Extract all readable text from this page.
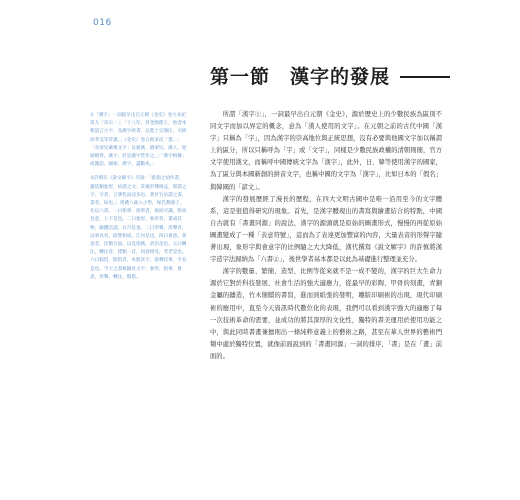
016
第一節　漢字的發展

①「漢字」一詞最早出自元朝《金史》卷九本紀第九「章宗一」：「十八年，封金源郡王，始習本朝語言小字，及漢字經書，以進士完顏匡、司經徐孝美等侍讀。」《金史》卷五則多次「遣…」「及蒙兒輩漢文字」及通漢、猶蒙兒、漢人、始通曉得，漢字、於是漢字皆作之。」「漢字相稱」或漢語、國蒙、漢字，盡數矣。」

②許慎在《說文解字》序說：「倉頡之初作書，蓋依類象形，故謂之文；其後形聲相益，即謂之字。字者，言孳乳而浸多也。著於竹帛謂之書，書者，如也。」周禮八歲入小學，保氏教國子，先以六書。一曰指事，指事者，視而可識，察而見意，上下是也。二曰象形，象形者，畫成其物，隨體詰詘，日月是也。三曰形聲，形聲者，以事為名，取譬相成，江河是也。四曰會意，會意者，比類合誼，以見指撝，武信是也。五曰轉注，轉注者，建類一首，同意相受，考老是也。六曰假借，假借者，本無其字，依聲托事，令長是也。今天之書被歸於文字：象形、指事、會意、形聲、轉注、假借。

所謂「漢字①」，一詞最早出自元朝《金史》，源於歷史上的少數民族為區別不同文字而加以界定的概念，意為「漢人使用的文字」。在元朝之前的古代中國「漢字」只稱為「字」，因為漢字的崇高地位與正統思想，沒有必要與他國文字加以稱謂上的區分，所以只稱呼為「字」或「文字」，同樣是少數民族政權的清朝則簡，官方文字使用漢文，而稱呼中國傳統文字為「漢字」，此外，日、韓等使用漢字的國家，為了區分與本國新創的拼音文字，也稱中國的文字為「漢字」，比如日本的「假名」與韓國的「諺文」。

漢字的發展歷經了漫長的歷程，在四大文明古國中是唯一沿用至今的文字體系，這是很值得研究的現象。首先，是漢字體現出的書寫與繪畫結合的特點，中國自古就有「書畫同源」的說法，漢字的源頭就是原始的圖畫形式，慢慢的再從原始圖畫變成了一種「表意符號」，這而為了表達更加豐富的內容，大量表音的形聲字隨著出現，象形字與會意字的比例隨之大大降低，漢代撰寫《說文解字》的許慎將漢字造字法歸納為「六書②」，後世學者基本都是以此為基礎進行整理並充分。

漢字的數量、繁簡、造型、比例等從來就不是一成不變的，漢字的巨大生命力源於它對於科技發展、社會生活的強大適應力，從最早的彩陶、甲骨的刻畫，青銅金屬的鑄造，竹木簡牘的書寫，進而到紙張的發明，雕版印刷術的出現，現代印刷術的應用中，直至今天資訊時代數位化的表現，我們可以看到漢字強大的適應了每一次技術革命的需要，並成功的將其深厚的文化性，獨特的書美運用於使用功能之中，與此同時書畫兼擅則出一條純粹意義上的藝術之路，甚至在華人世界的藝術門類中處於獨特位置，就像前面說到的「書畫同源」一詞的排序，「書」是在「畫」前面的。
